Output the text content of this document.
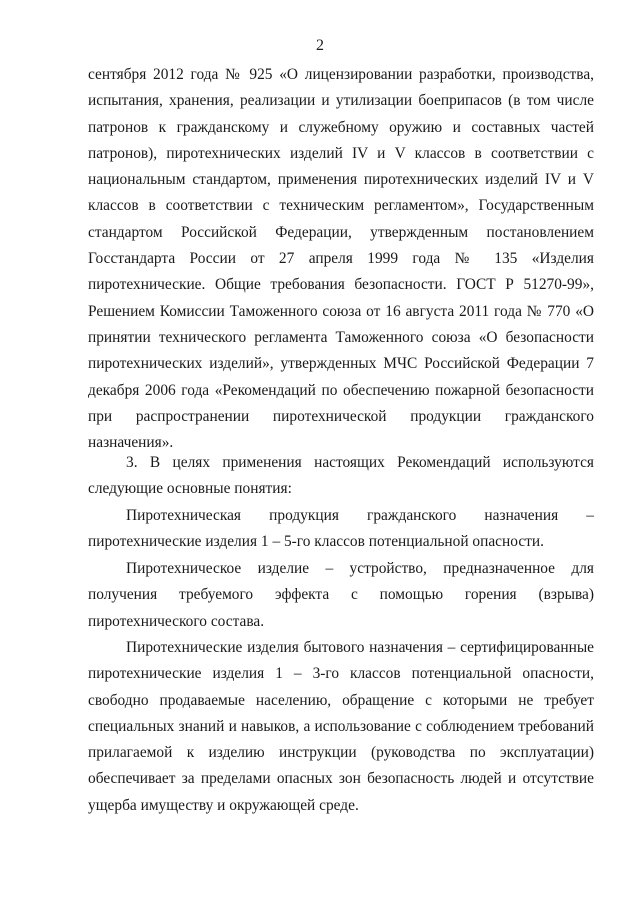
2
сентября 2012 года № 925 «О лицензировании разработки, производства,
испытания, хранения, реализации и утилизации боеприпасов (в том числе
патронов к гражданскому и служебному оружию и составных частей
патронов), пиротехнических изделий IV и V классов в соответствии с
национальным стандартом, применения пиротехнических изделий IV и V
классов в соответствии с техническим регламентом», Государственным
стандартом Российской Федерации, утвержденным постановлением
Госстандарта России от 27 апреля 1999 года № 135 «Изделия
пиротехнические. Общие требования безопасности. ГОСТ Р 51270-99»,
Решением Комиссии Таможенного союза от 16 августа 2011 года № 770 «О
принятии технического регламента Таможенного союза «О безопасности
пиротехнических изделий», утвержденных МЧС Российской Федерации 7
декабря 2006 года «Рекомендаций по обеспечению пожарной безопасности
при распространении пиротехнической продукции гражданского
назначения».
3. В целях применения настоящих Рекомендаций используются
следующие основные понятия:
Пиротехническая продукция гражданского назначения –
пиротехнические изделия 1 – 5-го классов потенциальной опасности.
Пиротехническое изделие – устройство, предназначенное для
получения требуемого эффекта с помощью горения (взрыва)
пиротехнического состава.
Пиротехнические изделия бытового назначения – сертифицированные
пиротехнические изделия 1 – 3-го классов потенциальной опасности,
свободно продаваемые населению, обращение с которыми не требует
специальных знаний и навыков, а использование с соблюдением требований
прилагаемой к изделию инструкции (руководства по эксплуатации)
обеспечивает за пределами опасных зон безопасность людей и отсутствие
ущерба имуществу и окружающей среде.
